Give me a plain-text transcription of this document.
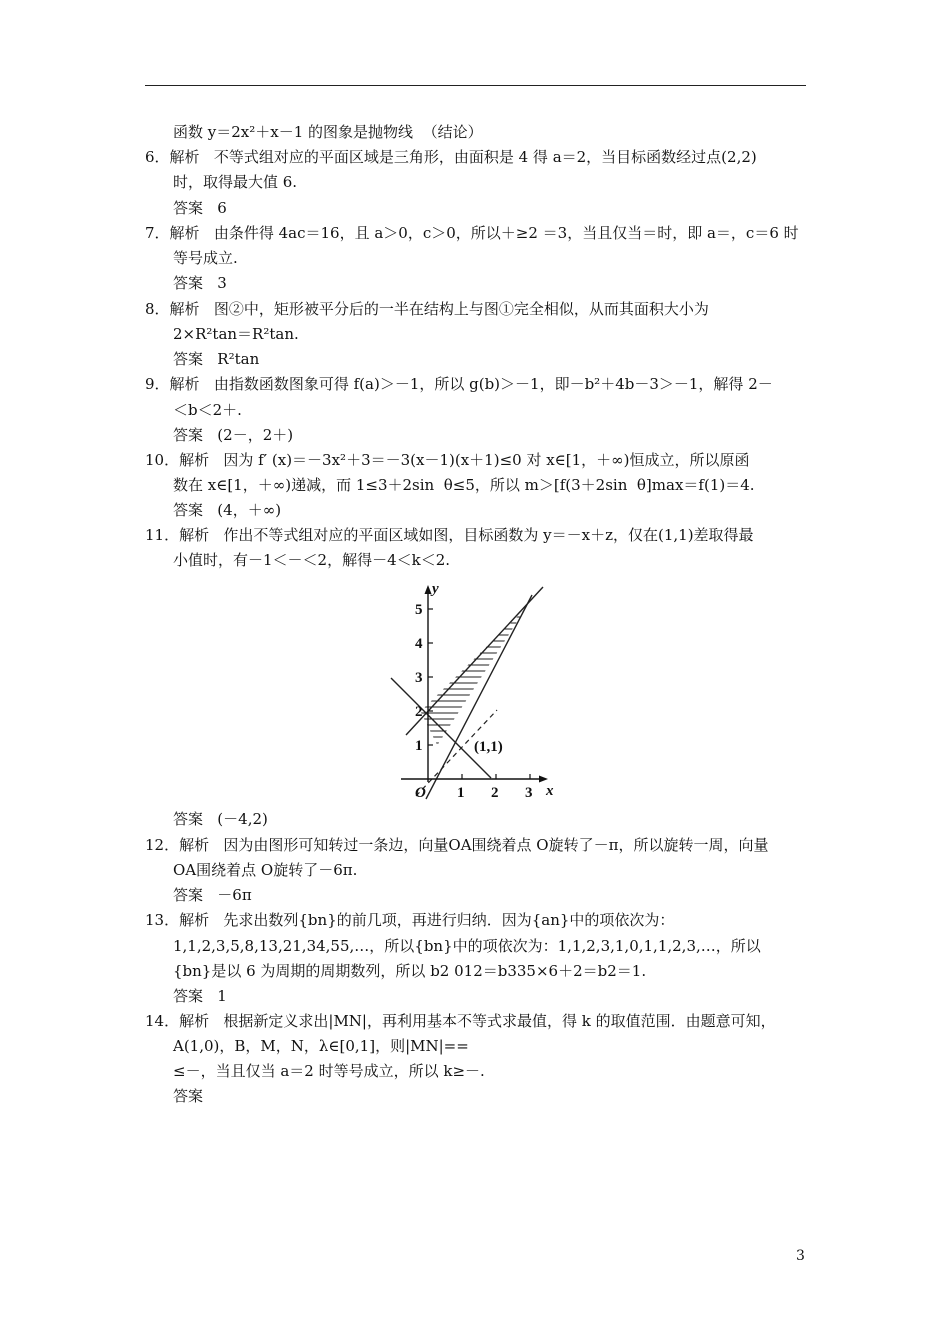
函数 y＝2x²＋x－1 的图象是抛物线  （结论）
6．解析   不等式组对应的平面区域是三角形，由面积是 4 得 a＝2，当目标函数经过点(2,2)
时，取得最大值 6.
答案   6
7．解析   由条件得 4ac＝16，且 a＞0，c＞0，所以＋≥2 ＝3，当且仅当＝时，即 a＝，c＝6 时
等号成立.
答案   3
8．解析   图②中，矩形被平分后的一半在结构上与图①完全相似，从而其面积大小为
2×R²tan＝R²tan.
答案   R²tan
9．解析   由指数函数图象可得 f(a)＞－1，所以 g(b)＞－1，即－b²＋4b－3＞－1，解得 2－
＜b＜2＋.
答案   (2－，2＋)
10．解析   因为 f′ (x)＝－3x²＋3＝－3(x－1)(x＋1)≤0 对 x∈[1，＋∞)恒成立，所以原函
数在 x∈[1，＋∞)递减，而 1≤3＋2sin  θ≤5，所以 m＞[f(3＋2sin  θ]max＝f(1)＝4.
答案   (4，＋∞)
11．解析   作出不等式组对应的平面区域如图，目标函数为 y＝－x＋z，仅在(1,1)差取得最
小值时，有－1＜－＜2，解得－4＜k＜2.
y
x
O 1 2 3
1
2
3
4
5
(1,1)
答案   (－4,2)
12．解析   因为由图形可知转过一条边，向量OA围绕着点 O旋转了－π，所以旋转一周，向量
OA围绕着点 O旋转了－6π.
答案   －6π
13．解析   先求出数列{bn}的前几项，再进行归纳．因为{an}中的项依次为：
1,1,2,3,5,8,13,21,34,55,…，所以{bn}中的项依次为：1,1,2,3,1,0,1,1,2,3,…，所以
{bn}是以 6 为周期的周期数列，所以 b2 012＝b335×6＋2＝b2＝1.
答案   1
14．解析   根据新定义求出|MN|，再利用基本不等式求最值，得 k 的取值范围．由题意可知，
A(1,0)，B，M，N，λ∈[0,1]，则|MN|==
≤－，当且仅当 a＝2 时等号成立，所以 k≥－.
答案
3
